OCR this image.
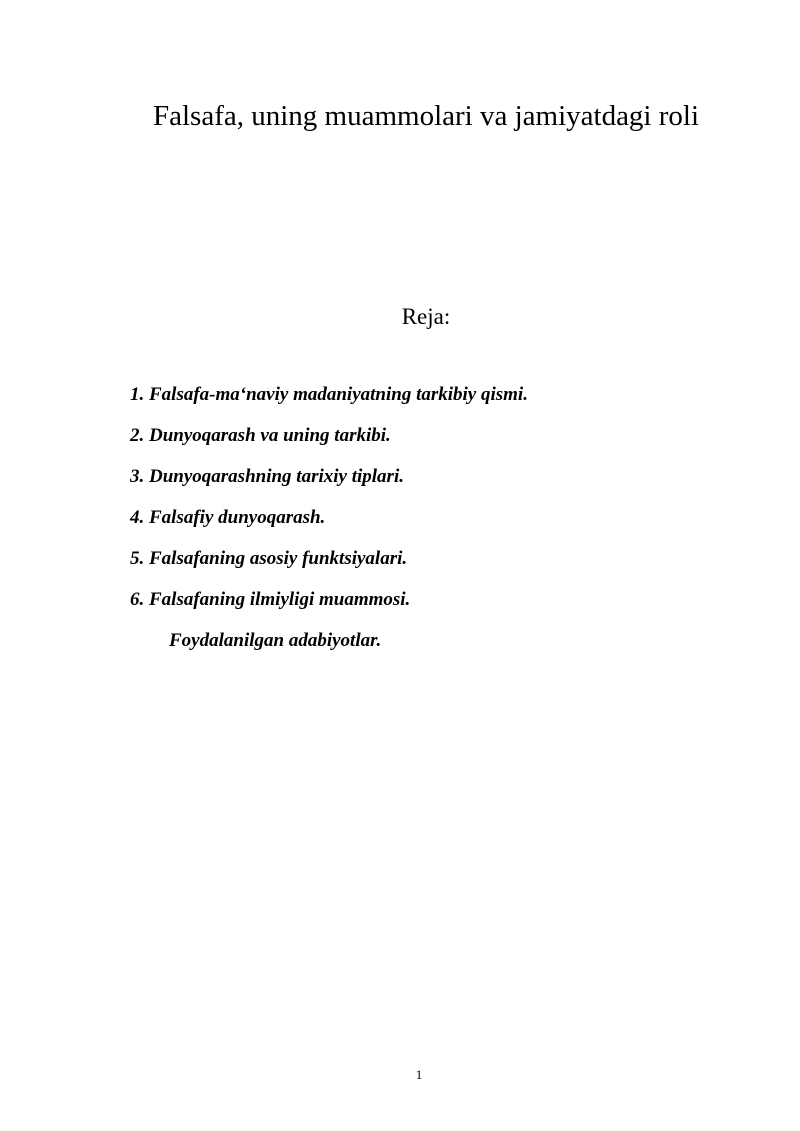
Falsafa, uning muammolari va jamiyatdagi roli
Reja:
1. Falsafa-ma‘naviy madaniyatning tarkibiy qismi.
2. Dunyoqarash va uning tarkibi.
3. Dunyoqarashning tarixiy tiplari.
4. Falsafiy dunyoqarash.
5. Falsafaning asosiy funktsiyalari.
6. Falsafaning ilmiyligi muammosi.
Foydalanilgan adabiyotlar.
1
